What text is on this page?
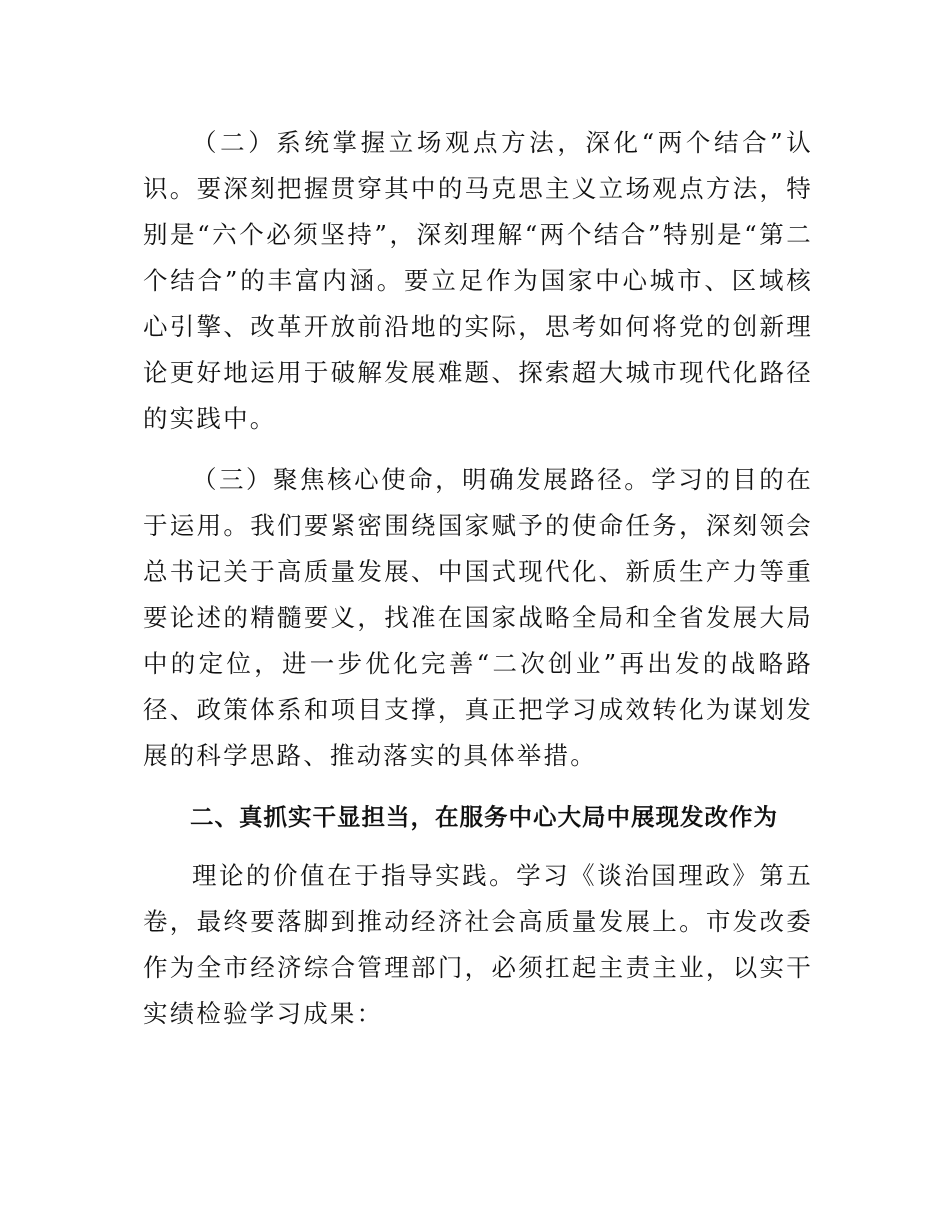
（二）系统掌握立场观点方法，深化“两个结合”认识。要深刻把握贯穿其中的马克思主义立场观点方法，特别是“六个必须坚持”，深刻理解“两个结合”特别是“第二个结合”的丰富内涵。要立足作为国家中心城市、区域核心引擎、改革开放前沿地的实际，思考如何将党的创新理论更好地运用于破解发展难题、探索超大城市现代化路径的实践中。

（三）聚焦核心使命，明确发展路径。学习的目的在于运用。我们要紧密围绕国家赋予的使命任务，深刻领会总书记关于高质量发展、中国式现代化、新质生产力等重要论述的精髓要义，找准在国家战略全局和全省发展大局中的定位，进一步优化完善“二次创业”再出发的战略路径、政策体系和项目支撑，真正把学习成效转化为谋划发展的科学思路、推动落实的具体举措。

二、真抓实干显担当，在服务中心大局中展现发改作为

理论的价值在于指导实践。学习《谈治国理政》第五卷，最终要落脚到推动经济社会高质量发展上。市发改委作为全市经济综合管理部门，必须扛起主责主业，以实干实绩检验学习成果：
